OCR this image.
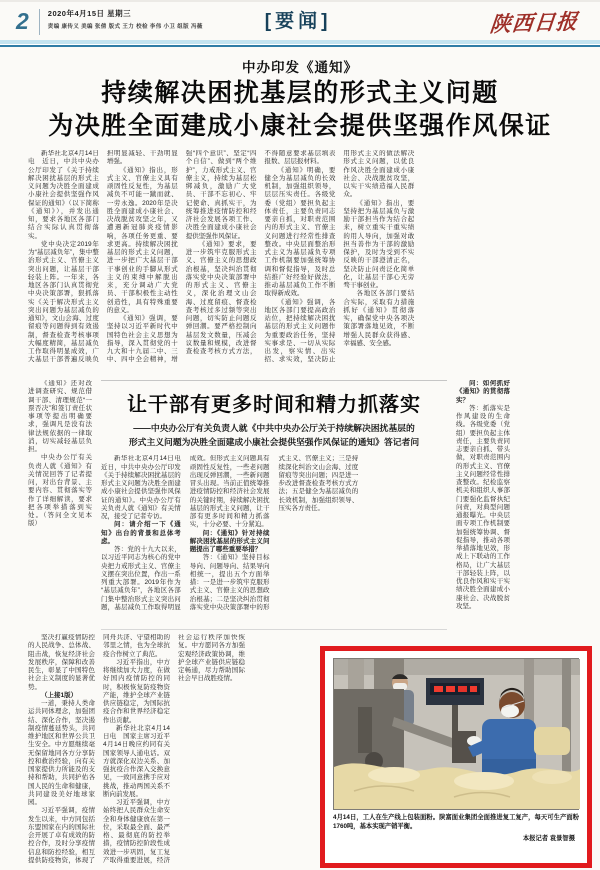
2	2020年4月15日 星期三
责编 康传义 美编 张倩 版式 王力 校检 李伟 小卫 组版 冯薇	[要闻]	陕西日报
中办印发《通知》
持续解决困扰基层的形式主义问题
为决胜全面建成小康社会提供坚强作风保证

新华社北京4月14日电　近日，中共中央办公厅印发了《关于持续解决困扰基层的形式主义问题为决胜全面建成小康社会提供坚强作风保证的通知》（以下简称《通知》），并发出通知，要求各地区各部门结合实际认真贯彻落实。

党中央决定2019年为“基层减负年”，集中整治形式主义、官僚主义突出问题，让基层干部轻装上阵。一年来，各地区各部门认真贯彻党中央决策部署，狠抓落实《关于解决形式主义突出问题为基层减负的通知》，文山会海、过度留痕等问题得到有效遏制，督查检查考核事项大幅度精简，基层减负工作取得明显成效，广大基层干部普遍反映负担明显减轻、干劲明显增强。

《通知》指出，形式主义、官僚主义具有顽固性反复性，为基层减负不可能一蹴而就、一劳永逸。2020年是决胜全面建成小康社会、决战脱贫攻坚之年，又遭遇新冠肺炎疫情影响，各项任务更重、要求更高。持续解决困扰基层的形式主义问题，进一步把广大基层干部干事创业的手脚从形式主义的束缚中解脱出来，充分调动广大党员、干部积极性主动性创造性，具有特殊重要的意义。

《通知》强调，要坚持以习近平新时代中国特色社会主义思想为指导，深入贯彻党的十九大和十九届二中、三中、四中全会精神，增强“四个意识”、坚定“四个自信”、做到“两个维护”，力戒形式主义、官僚主义，持续为基层松绑减负，激励广大党员、干部不忘初心、牢记使命、真抓实干，为统筹推进疫情防控和经济社会发展各项工作、决胜全面建成小康社会提供坚强作风保证。

《通知》要求，要进一步筑牢克服形式主义、官僚主义的思想政治根基，坚决纠治贯彻落实党中央决策部署中的形式主义、官僚主义，深化治理文山会海、过度留痕、督查检查考核过多过频等突出问题，切实防止问题反弹回潮。要严格控制向基层发文数量，压减会议数量和规模，改进督查检查考核方式方法，不得随意要求基层填表报数、层层报材料。

《通知》明确，要健全为基层减负的长效机制，加强组织领导，层层压实责任。各级党委（党组）要担负起主体责任，主要负责同志要亲自抓，对职责范围内的形式主义、官僚主义问题进行经常性排查整改。中央层面整治形式主义为基层减负专项工作机制要加强统筹协调和督促指导，及时总结推广好经验好做法，推动基层减负工作不断取得新成效。

《通知》强调，各地区各部门要提高政治站位，把持续解决困扰基层的形式主义问题作为重要政治任务，坚持实事求是、一切从实际出发，察实情、出实招、求实效，坚决防止用形式主义的做法解决形式主义问题，以优良作风决胜全面建成小康社会、决战脱贫攻坚，以实干实绩造福人民群众。

《通知》指出，要坚持把为基层减负与激励干部担当作为结合起来，树立重实干重实绩的用人导向，加强对敢担当善作为干部的激励保护，及时为受到不实反映的干部澄清正名，坚决防止问责泛化简单化，让基层干部心无旁骛干事创业。

各地区各部门要结合实际，采取有力措施抓好《通知》贯彻落实，确保党中央各项决策部署落地见效，不断增强人民群众获得感、幸福感、安全感。

《通知》还对改进调查研究、规范借调干部、清理规范“一票否决”和签订责任状事项等提出明确要求，强调凡是没有法律法规依据的一律取消，切实减轻基层负担。

中央办公厅有关负责人就《通知》有关情况回答了记者提问，对出台背景、主要内容、贯彻落实等作了详细解读，要求把各项举措落到实处。（答问全文见本版）

让干部有更多时间和精力抓落实
——中央办公厅有关负责人就《中共中央办公厅关于持续解决困扰基层的
形式主义问题为决胜全面建成小康社会提供坚强作风保证的通知》答记者问

新华社北京4月14日电　近日，中共中央办公厅印发《关于持续解决困扰基层的形式主义问题为决胜全面建成小康社会提供坚强作风保证的通知》。中央办公厅有关负责人就《通知》有关情况，接受了记者专访。

问：请介绍一下《通知》出台的背景和总体考虑。

答：党的十九大以来，以习近平同志为核心的党中央把力戒形式主义、官僚主义摆在突出位置，作出一系列重大部署。2019年作为“基层减负年”，各地区各部门集中整治形式主义突出问题，基层减负工作取得明显成效。但形式主义问题具有顽固性反复性，一些老问题出现反弹回潮，一些新问题冒头出现。当前正值统筹推进疫情防控和经济社会发展的关键时期，持续解决困扰基层的形式主义问题，让干部有更多时间和精力抓落实，十分必要、十分紧迫。

问：《通知》针对持续解决困扰基层的形式主义问题提出了哪些重要举措？

答：《通知》坚持目标导向、问题导向、结果导向相统一，提出五个方面举措：一是进一步筑牢克服形式主义、官僚主义的思想政治根基；二是坚决纠治贯彻落实党中央决策部署中的形式主义、官僚主义；三是持续深化纠治文山会海、过度留痕等突出问题；四是进一步改进督查检查考核方式方法；五是健全为基层减负的长效机制，加强组织领导、压实各方责任。

问：如何抓好《通知》的贯彻落实？

答：抓落实是作风建设的生命线。各级党委（党组）要担负起主体责任，主要负责同志要亲自抓、带头做，对职责范围内的形式主义、官僚主义问题经常性排查整改。纪检监察机关和组织人事部门要强化监督执纪问责，对典型问题通报曝光。中央层面专项工作机制要加强统筹协调、督促指导，推动各项举措落地见效，形成上下联动的工作格局，让广大基层干部轻装上阵，以优良作风和实干实绩决胜全面建成小康社会、决战脱贫攻坚。

坚决打赢疫情防控的人民战争、总体战、阻击战，恢复经济社会发展秩序，保障和改善民生，彰显了中国特色社会主义制度的显著优势。

（上接1版）

一道，秉持人类命运共同体理念，加强团结、深化合作，坚决遏制疫情蔓延势头，共同维护地区和世界公共卫生安全。中方愿继续毫无保留地同各方分享防控和救治经验，向有关国家提供力所能及的支持和帮助，共同护佑各国人民的生命和健康，共同建设美好地球家园。

习近平强调，疫情发生以来，中方同包括东盟国家在内的国际社会开展了卓有成效的防控合作，及时分享疫情信息和防控经验，相互提供防疫物资，体现了同舟共济、守望相助的邻里之情，也为全球抗疫合作树立了典范。

习近平指出，中方将继续加大力度，在做好国内疫情防控的同时，积极恢复防疫物资产能，维护全球产业链供应链稳定，为国际抗疫合作和世界经济稳定作出贡献。

新华社北京4月14日电　国家主席习近平4月14日晚应约同有关国家领导人通电话。双方就深化双边关系、加强抗疫合作深入交换意见，一致同意携手应对挑战，推动两国关系不断向前发展。

习近平强调，中方始终把人民群众生命安全和身体健康放在第一位，采取最全面、最严格、最彻底的防控举措，疫情防控阶段性成效进一步巩固，复工复产取得重要进展，经济社会运行秩序加快恢复。中方愿同各方加强宏观经济政策协调，维护全球产业链供应链稳定畅通，尽力帮助国际社会早日战胜疫情。

4月14日，工人在生产线上包装面粉。陕富面业集团全面推进复工复产，每天可生产面粉1760吨，基本实现产销平衡。
本报记者 袁景智摄
